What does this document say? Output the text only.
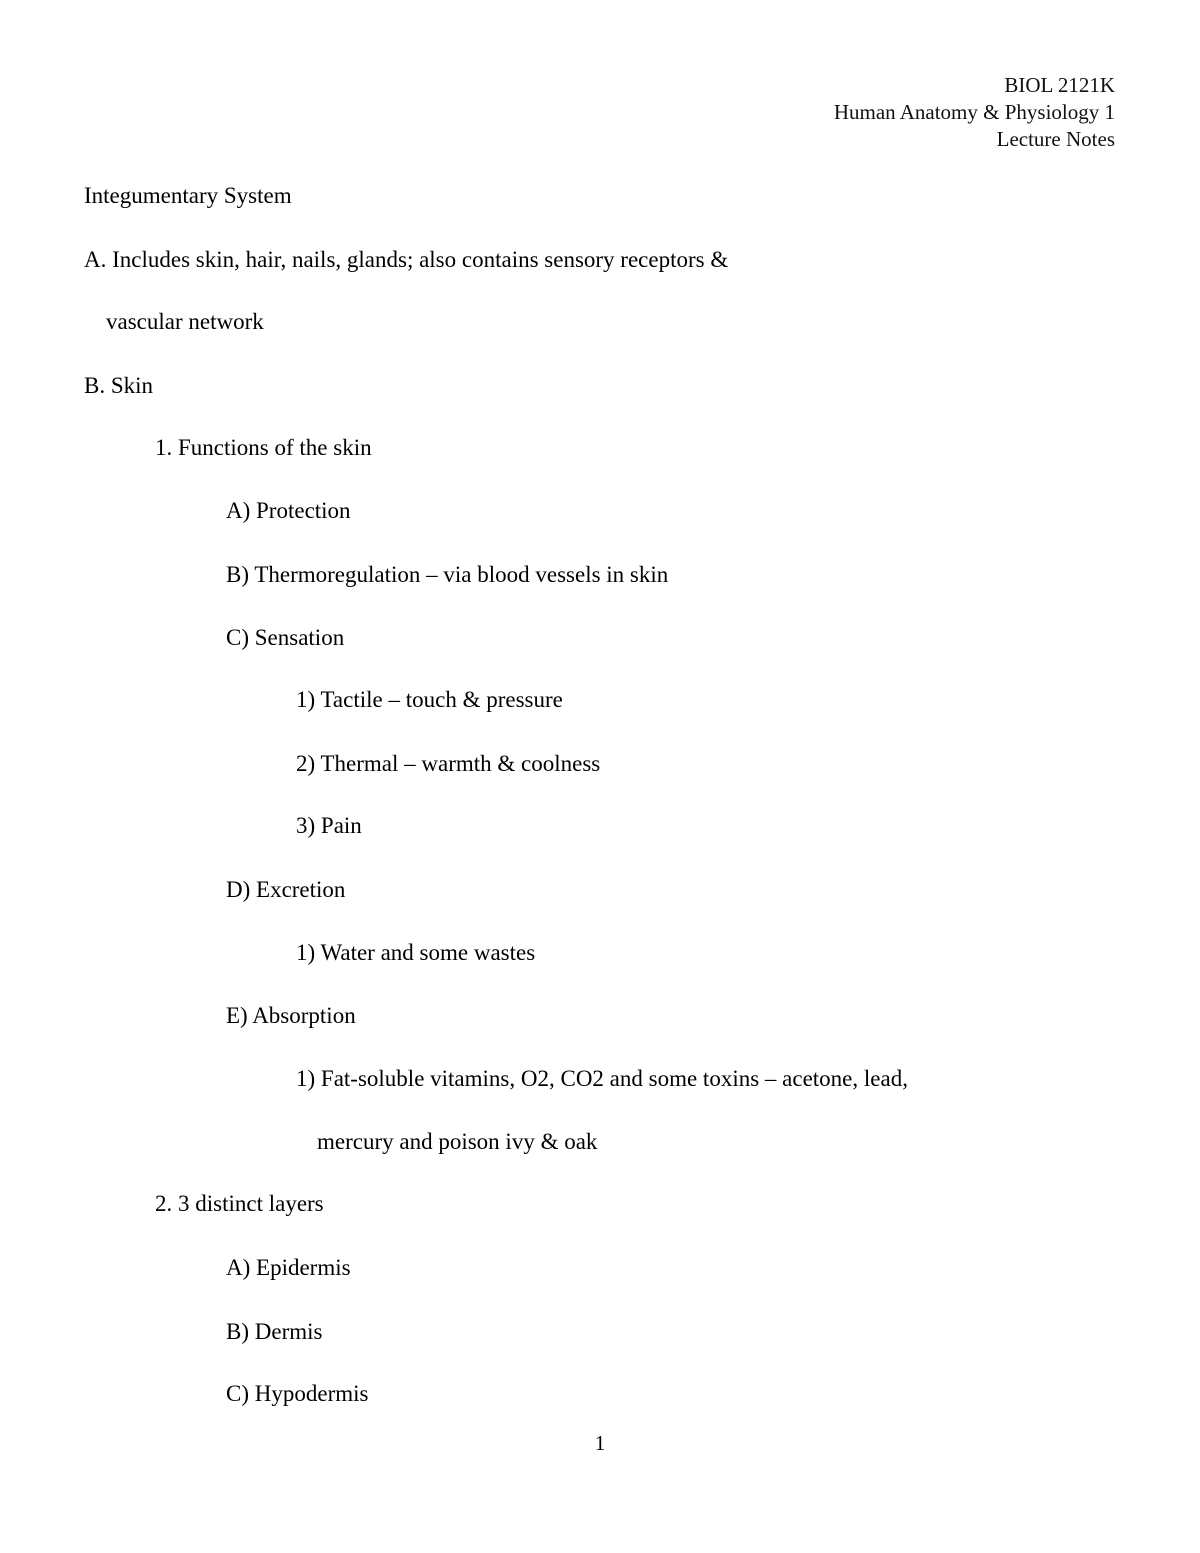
BIOL 2121K
Human Anatomy & Physiology 1
Lecture Notes
Integumentary System
A. Includes skin, hair, nails, glands; also contains sensory receptors &
vascular network
B. Skin
1. Functions of the skin
A) Protection
B) Thermoregulation – via blood vessels in skin
C) Sensation
1) Tactile – touch & pressure
2) Thermal – warmth & coolness
3) Pain
D) Excretion
1) Water and some wastes
E) Absorption
1) Fat-soluble vitamins, O2, CO2 and some toxins – acetone, lead,
mercury and poison ivy & oak
2. 3 distinct layers
A) Epidermis
B) Dermis
C) Hypodermis
1
